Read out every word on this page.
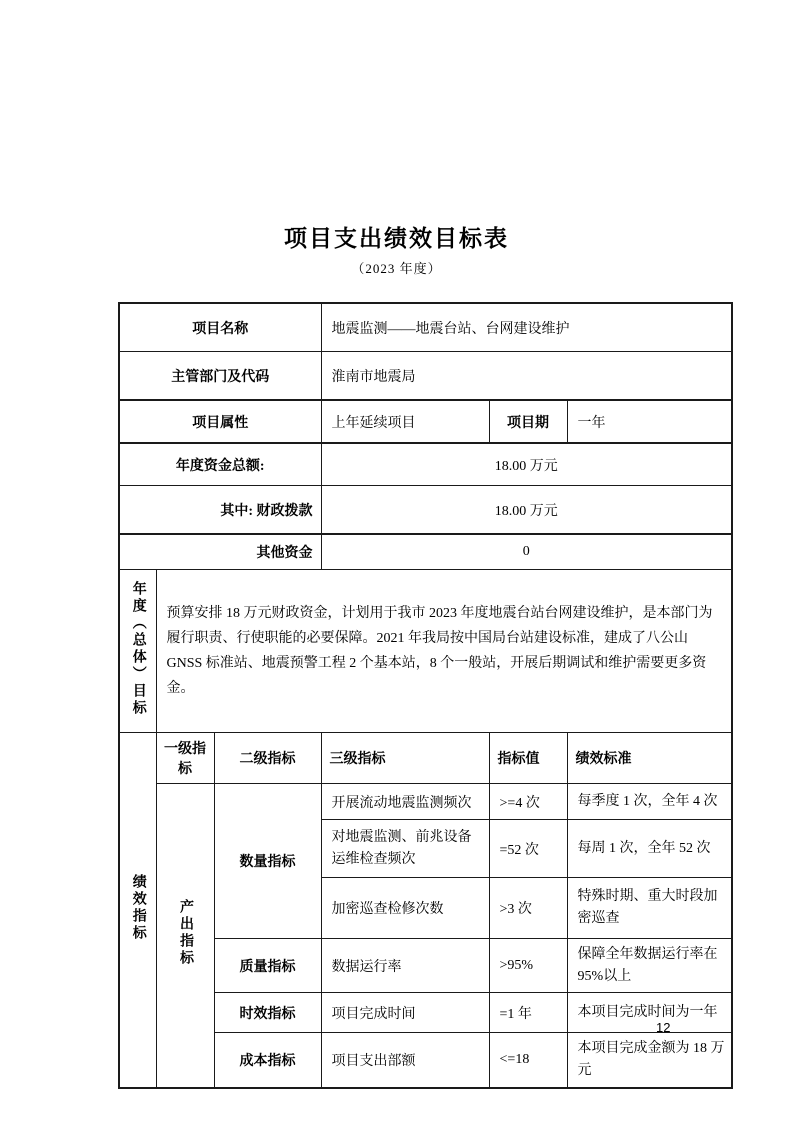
项目支出绩效目标表
（2023 年度）
项目名称			地震监测——地震台站、台网建设维护		
主管部门及代码			淮南市地震局		
项目属性			上年延续项目	项目期	一年
年度资金总额:			18.00 万元		
其中: 财政拨款			18.00 万元		
其他资金			0		
年度（总体）目标	预算安排 18 万元财政资金，计划用于我市 2023 年度地震台站台网建设维护，是本部门为履行职责、行使职能的必要保障。2021 年我局按中国局台站建设标准，建成了八公山 GNSS 标准站、地震预警工程 2 个基本站，8 个一般站，开展后期调试和维护需要更多资金。				
绩效指标	一级指标	二级指标	三级指标	指标值	绩效标准
	产出指标	数量指标	开展流动地震监测频次	>=4 次	每季度 1 次，全年 4 次
			对地震监测、前兆设备运维检查频次	=52 次	每周 1 次，全年 52 次
			加密巡查检修次数	>3 次	特殊时期、重大时段加密巡查
		质量指标	数据运行率	>95%	保障全年数据运行率在 95%以上
		时效指标	项目完成时间	=1 年	本项目完成时间为一年
		成本指标	项目支出部额	<=18	本项目完成金额为 18 万元
12
